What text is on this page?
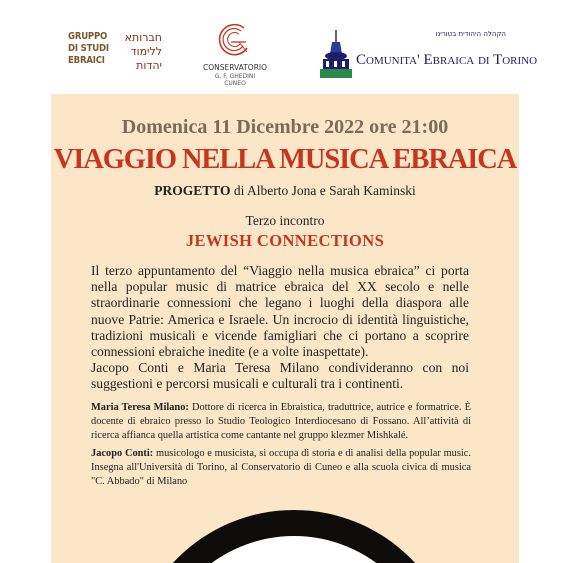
GRUPPO
DI STUDI
EBRAICI
חברותא
ללימוד
יהדות	CONSERVATORIO
G. F. GHEDINI
CUNEO
הקהלה היהודית בטורינו
Comunita' Ebraica di Torino
Domenica 11 Dicembre 2022 ore 21:00
VIAGGIO NELLA MUSICA EBRAICA
PROGETTO di Alberto Jona e Sarah Kaminski
Terzo incontro
JEWISH CONNECTIONS

Il terzo appuntamento del “Viaggio nella musica ebraica” ci porta nella popular music di matrice ebraica del XX secolo e nelle straordinarie connessioni che legano i luoghi della diaspora alle nuove Patrie: America e Israele. Un incrocio di identità linguistiche, tradizioni musicali e vicende famigliari che ci portano a scoprire connessioni ebraiche inedite (e a volte inaspettate).

Jacopo Conti e Maria Teresa Milano condivideranno con noi suggestioni e percorsi musicali e culturali tra i continenti.

Maria Teresa Milano: Dottore di ricerca in Ebraistica, traduttrice, autrice e formatrice. È docente di ebraico presso lo Studio Teologico Interdiocesano di Fossano. All’attività di ricerca affianca quella artistica come cantante nel gruppo klezmer Mishkalé.

Jacopo Conti: musicologo e musicista, si occupa di storia e di analisi della popular music. Insegna all'Università di Torino, al Conservatorio di Cuneo e alla scuola civica di musica "C. Abbado" di Milano
